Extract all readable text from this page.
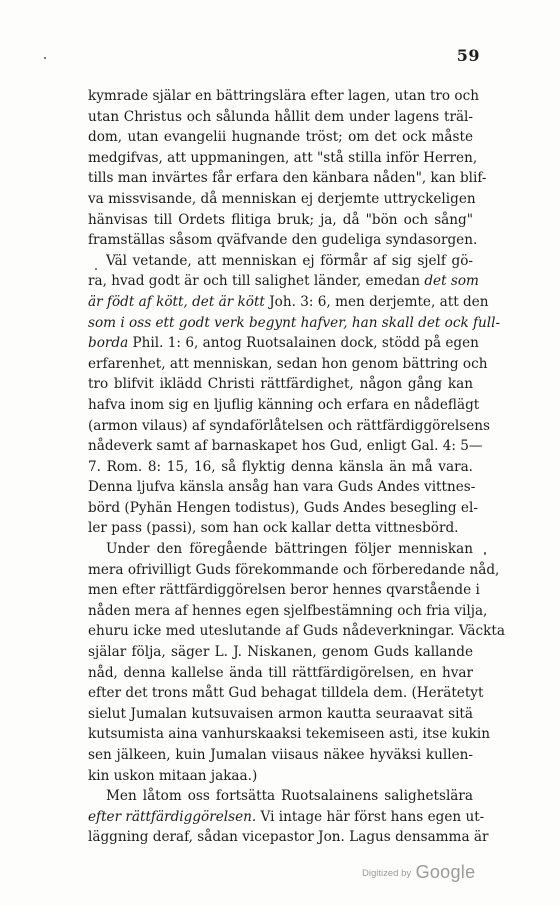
59
kymrade själar en bättringslära efter lagen, utan tro och
utan Christus och sålunda hållit dem under lagens träl-
dom, utan evangelii hugnande tröst; om det ock måste
medgifvas, att uppmaningen, att "stå stilla inför Herren,
tills man invärtes får erfara den känbara nåden", kan blif-
va missvisande, då menniskan ej derjemte uttryckeligen
hänvisas till Ordets flitiga bruk; ja, då "bön och sång"
framställas såsom qväfvande den gudeliga syndasorgen.
Väl vetande, att menniskan ej förmår af sig sjelf gö-
ra, hvad godt är och till salighet länder, emedan det som
är födt af kött, det är kött Joh. 3: 6, men derjemte, att den
som i oss ett godt verk begynt hafver, han skall det ock full-
borda Phil. 1: 6, antog Ruotsalainen dock, stödd på egen
erfarenhet, att menniskan, sedan hon genom bättring och
tro blifvit iklädd Christi rättfärdighet, någon gång kan
hafva inom sig en ljuflig känning och erfara en nådeflägt
(armon vilaus) af syndaförlåtelsen och rättfärdiggörelsens
nådeverk samt af barnaskapet hos Gud, enligt Gal. 4: 5—
7. Rom. 8: 15, 16, så flyktig denna känsla än må vara.
Denna ljufva känsla ansåg han vara Guds Andes vittnes-
börd (Pyhän Hengen todistus), Guds Andes besegling el-
ler pass (passi), som han ock kallar detta vittnesbörd.
Under den föregående bättringen följer menniskan
mera ofrivilligt Guds förekommande och förberedande nåd,
men efter rättfärdiggörelsen beror hennes qvarstående i
nåden mera af hennes egen sjelfbestämning och fria vilja,
ehuru icke med uteslutande af Guds nådeverkningar. Väckta
själar följa, säger L. J. Niskanen, genom Guds kallande
nåd, denna kallelse ända till rättfärdigörelsen, en hvar
efter det trons mått Gud behagat tilldela dem. (Herätetyt
sielut Jumalan kutsuvaisen armon kautta seuraavat sitä
kutsumista aina vanhurskaaksi tekemiseen asti, itse kukin
sen jälkeen, kuin Jumalan viisaus näkee hyväksi kullen-
kin uskon mitaan jakaa.)
Men låtom oss fortsätta Ruotsalainens salighetslära
efter rättfärdiggörelsen. Vi intage här först hans egen ut-
läggning deraf, sådan vicepastor Jon. Lagus densamma är
Digitized by Google
